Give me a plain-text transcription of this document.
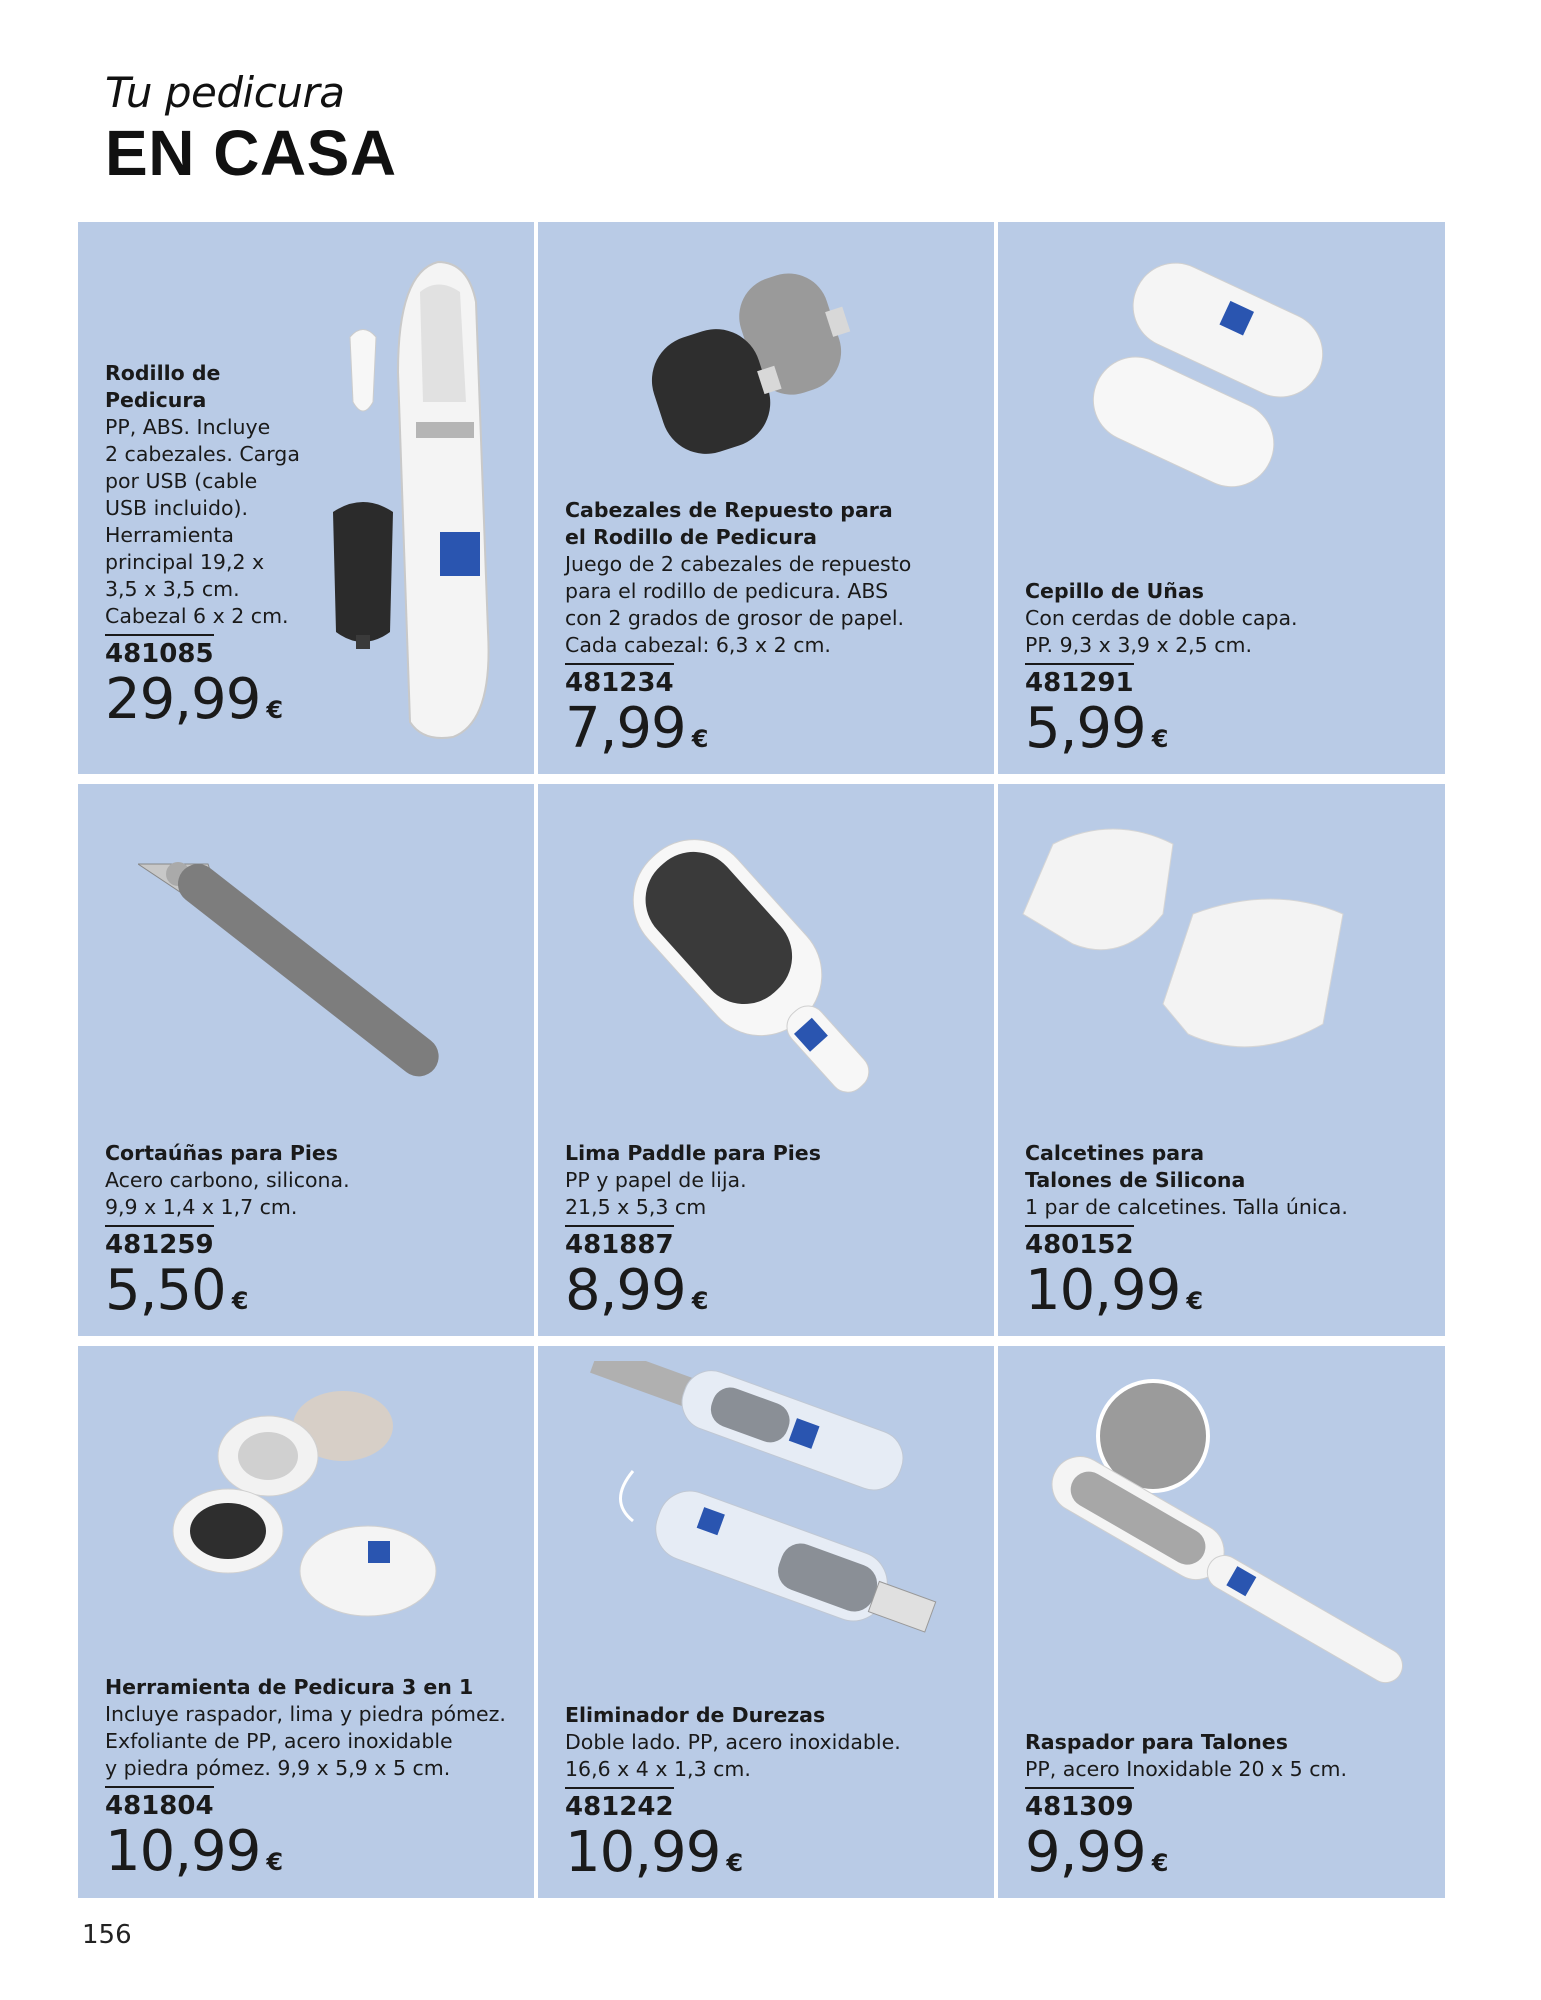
Tu pedicura
EN CASA
Rodillo de
Pedicura
PP, ABS. Incluye
2 cabezales. Carga
por USB (cable
USB incluido).
Herramienta
principal 19,2 x
3,5 x 3,5 cm.
Cabezal 6 x 2 cm.
481085
29,99 €
Cabezales de Repuesto para
el Rodillo de Pedicura
Juego de 2 cabezales de repuesto
para el rodillo de pedicura. ABS
con 2 grados de grosor de papel.
Cada cabezal: 6,3 x 2 cm.
481234
7,99 €
Cepillo de Uñas
Con cerdas de doble capa.
PP. 9,3 x 3,9 x 2,5 cm.
481291
5,99 €
Cortaúñas para Pies
Acero carbono, silicona.
9,9 x 1,4 x 1,7 cm.
481259
5,50 €
Lima Paddle para Pies
PP y papel de lija.
21,5 x 5,3 cm
481887
8,99 €
Calcetines para
Talones de Silicona
1 par de calcetines. Talla única.
480152
10,99 €
Herramienta de Pedicura 3 en 1
Incluye raspador, lima y piedra pómez.
Exfoliante de PP, acero inoxidable
y piedra pómez. 9,9 x 5,9 x 5 cm.
481804
10,99 €
Eliminador de Durezas
Doble lado. PP, acero inoxidable.
16,6 x 4 x 1,3 cm.
481242
10,99 €
Raspador para Talones
PP, acero Inoxidable 20 x 5 cm.
481309
9,99 €
156
